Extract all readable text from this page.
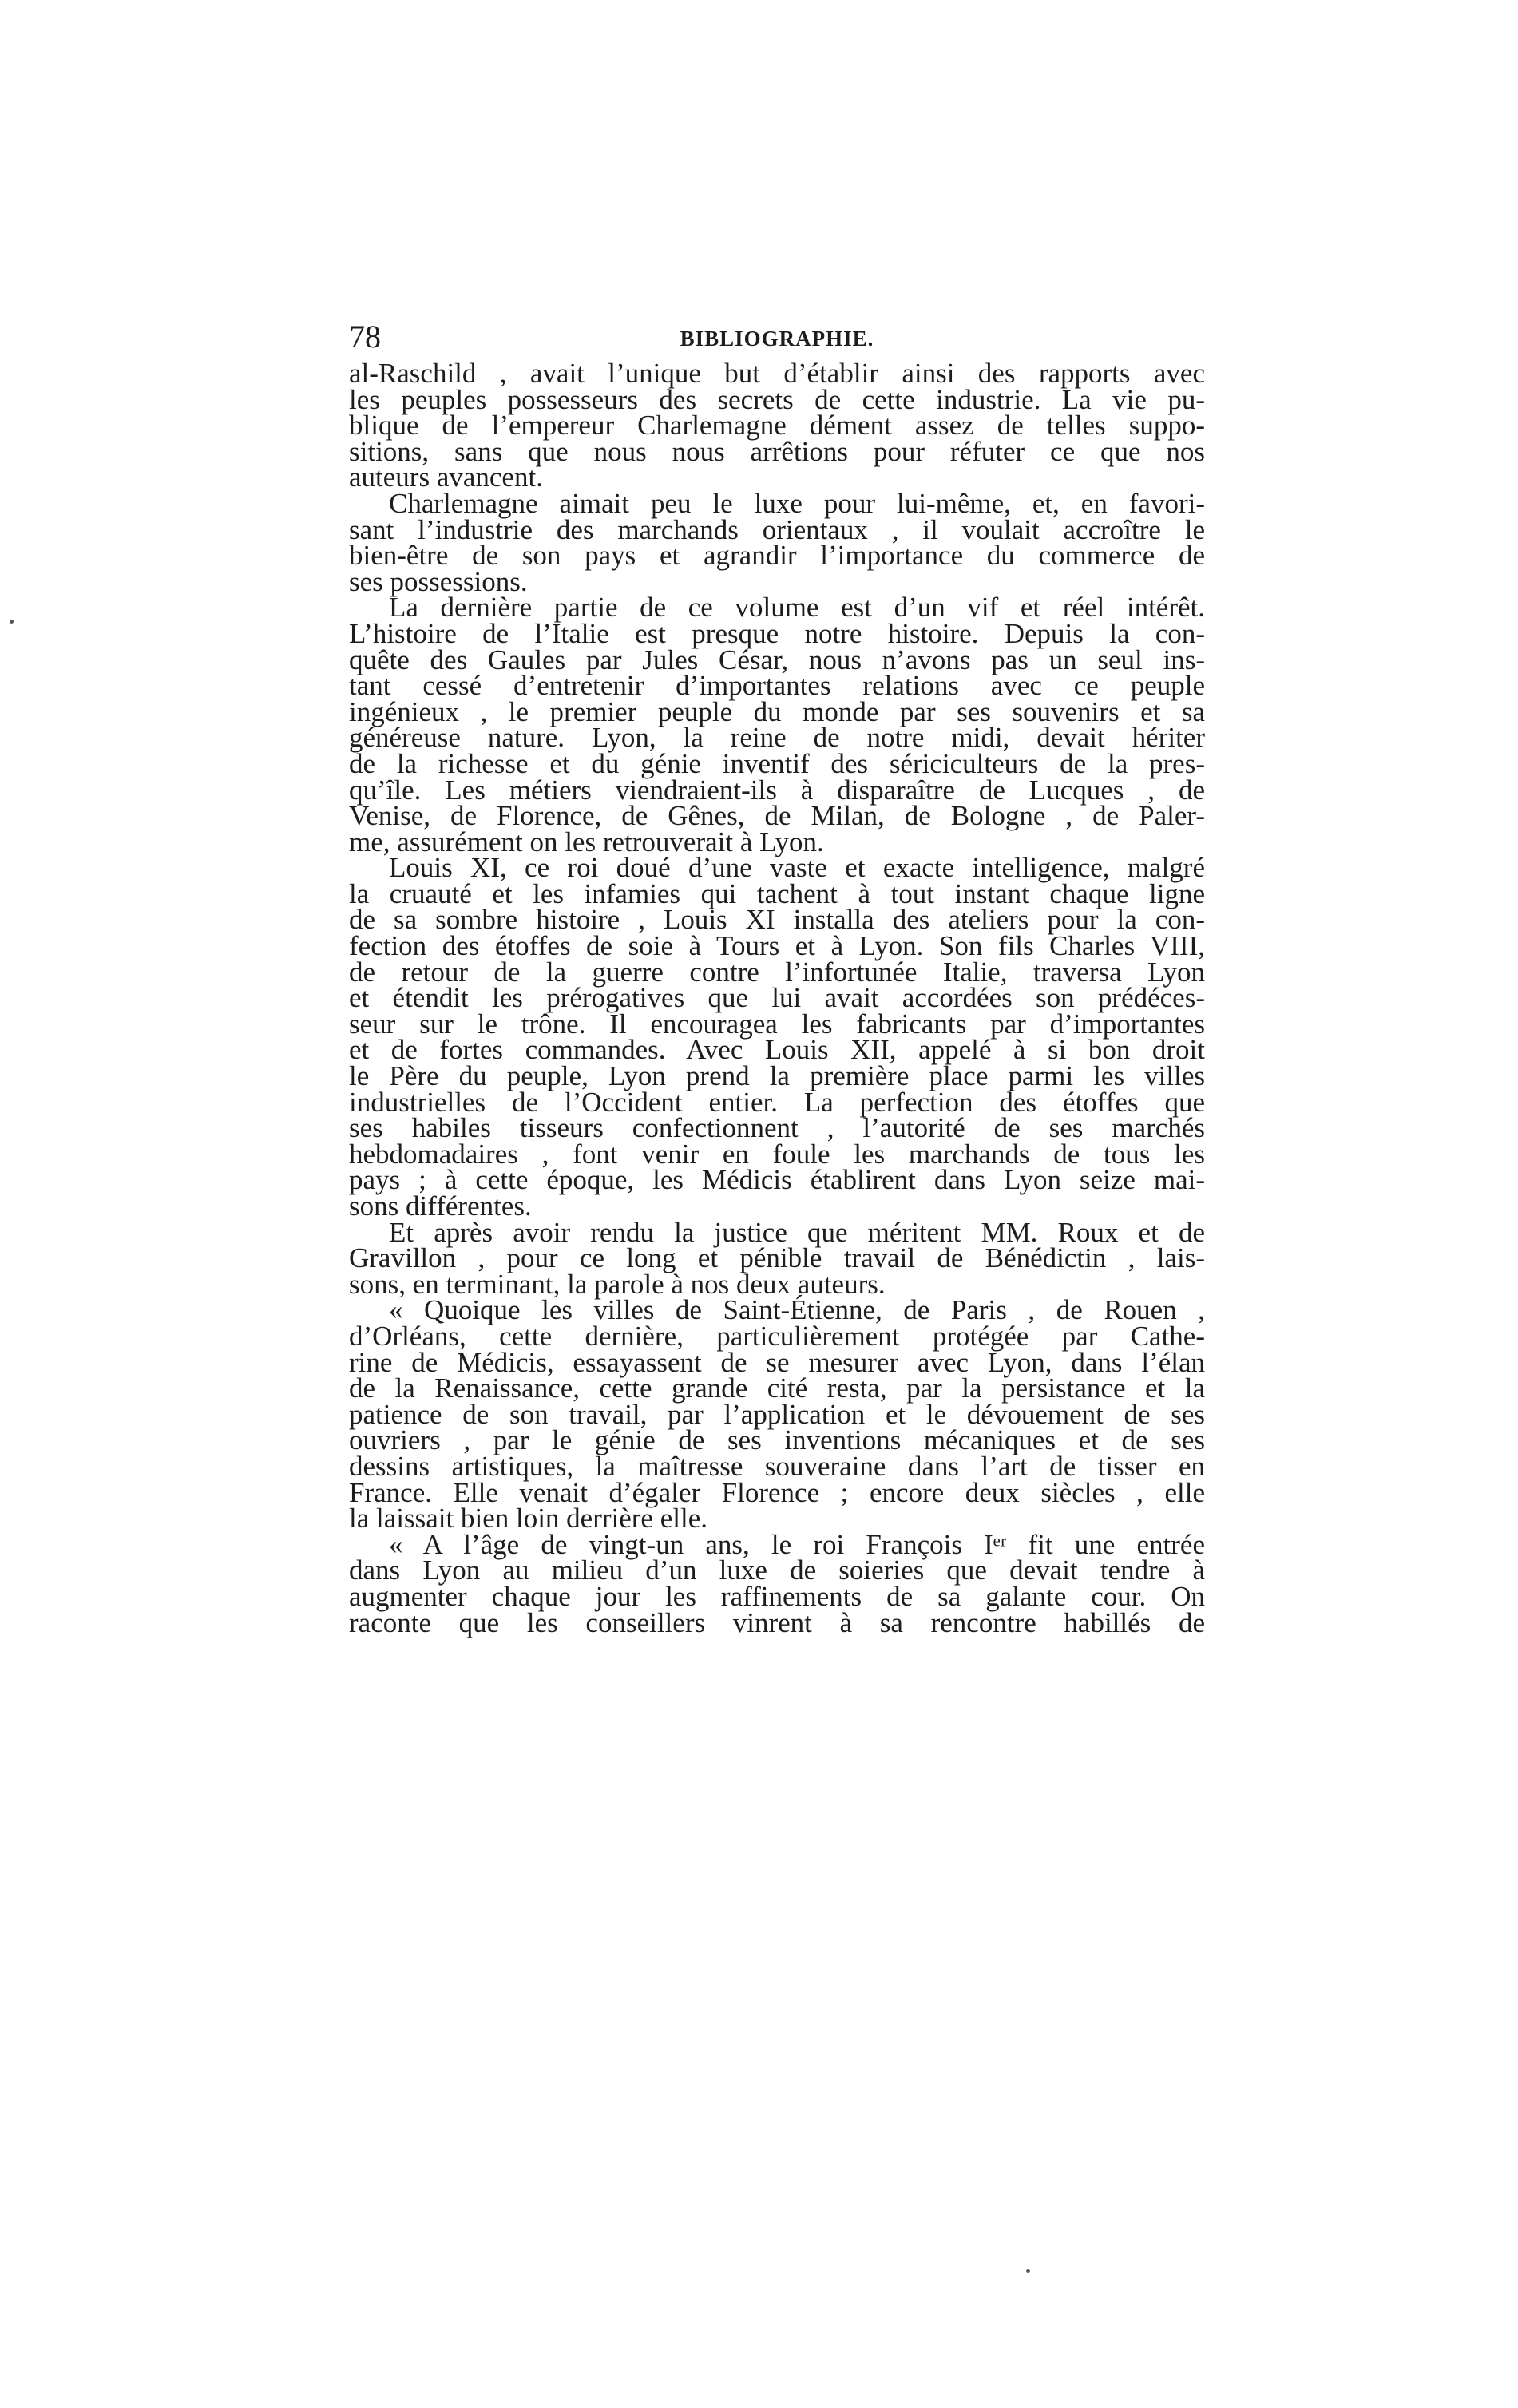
78	BIBLIOGRAPHIE.
al-Raschild , avait l’unique but d’établir ainsi des rapports avec
les peuples possesseurs des secrets de cette industrie. La vie pu-
blique de l’empereur Charlemagne dément assez de telles suppo-
sitions, sans que nous nous arrêtions pour réfuter ce que nos
auteurs avancent.
Charlemagne aimait peu le luxe pour lui-même, et, en favori-
sant l’industrie des marchands orientaux , il voulait accroître le
bien-être de son pays et agrandir l’importance du commerce de
ses possessions.
La dernière partie de ce volume est d’un vif et réel intérêt.
L’histoire de l’Italie est presque notre histoire. Depuis la con-
quête des Gaules par Jules César, nous n’avons pas un seul ins-
tant cessé d’entretenir d’importantes relations avec ce peuple
ingénieux , le premier peuple du monde par ses souvenirs et sa
généreuse nature. Lyon, la reine de notre midi, devait hériter
de la richesse et du génie inventif des sériciculteurs de la pres-
qu’île. Les métiers viendraient-ils à disparaître de Lucques , de
Venise, de Florence, de Gênes, de Milan, de Bologne , de Paler-
me, assurément on les retrouverait à Lyon.
Louis XI, ce roi doué d’une vaste et exacte intelligence, malgré
la cruauté et les infamies qui tachent à tout instant chaque ligne
de sa sombre histoire , Louis XI installa des ateliers pour la con-
fection des étoffes de soie à Tours et à Lyon. Son fils Charles VIII,
de retour de la guerre contre l’infortunée Italie, traversa Lyon
et étendit les prérogatives que lui avait accordées son prédéces-
seur sur le trône. Il encouragea les fabricants par d’importantes
et de fortes commandes. Avec Louis XII, appelé à si bon droit
le Père du peuple, Lyon prend la première place parmi les villes
industrielles de l’Occident entier. La perfection des étoffes que
ses habiles tisseurs confectionnent , l’autorité de ses marchés
hebdomadaires , font venir en foule les marchands de tous les
pays ; à cette époque, les Médicis établirent dans Lyon seize mai-
sons différentes.
Et après avoir rendu la justice que méritent MM. Roux et de
Gravillon , pour ce long et pénible travail de Bénédictin , lais-
sons, en terminant, la parole à nos deux auteurs.
« Quoique les villes de Saint-Étienne, de Paris , de Rouen ,
d’Orléans, cette dernière, particulièrement protégée par Cathe-
rine de Médicis, essayassent de se mesurer avec Lyon, dans l’élan
de la Renaissance, cette grande cité resta, par la persistance et la
patience de son travail, par l’application et le dévouement de ses
ouvriers , par le génie de ses inventions mécaniques et de ses
dessins artistiques, la maîtresse souveraine dans l’art de tisser en
France. Elle venait d’égaler Florence ; encore deux siècles , elle
la laissait bien loin derrière elle.
« A l’âge de vingt-un ans, le roi François Iᵉʳ fit une entrée
dans Lyon au milieu d’un luxe de soieries que devait tendre à
augmenter chaque jour les raffinements de sa galante cour. On
raconte que les conseillers vinrent à sa rencontre habillés de
